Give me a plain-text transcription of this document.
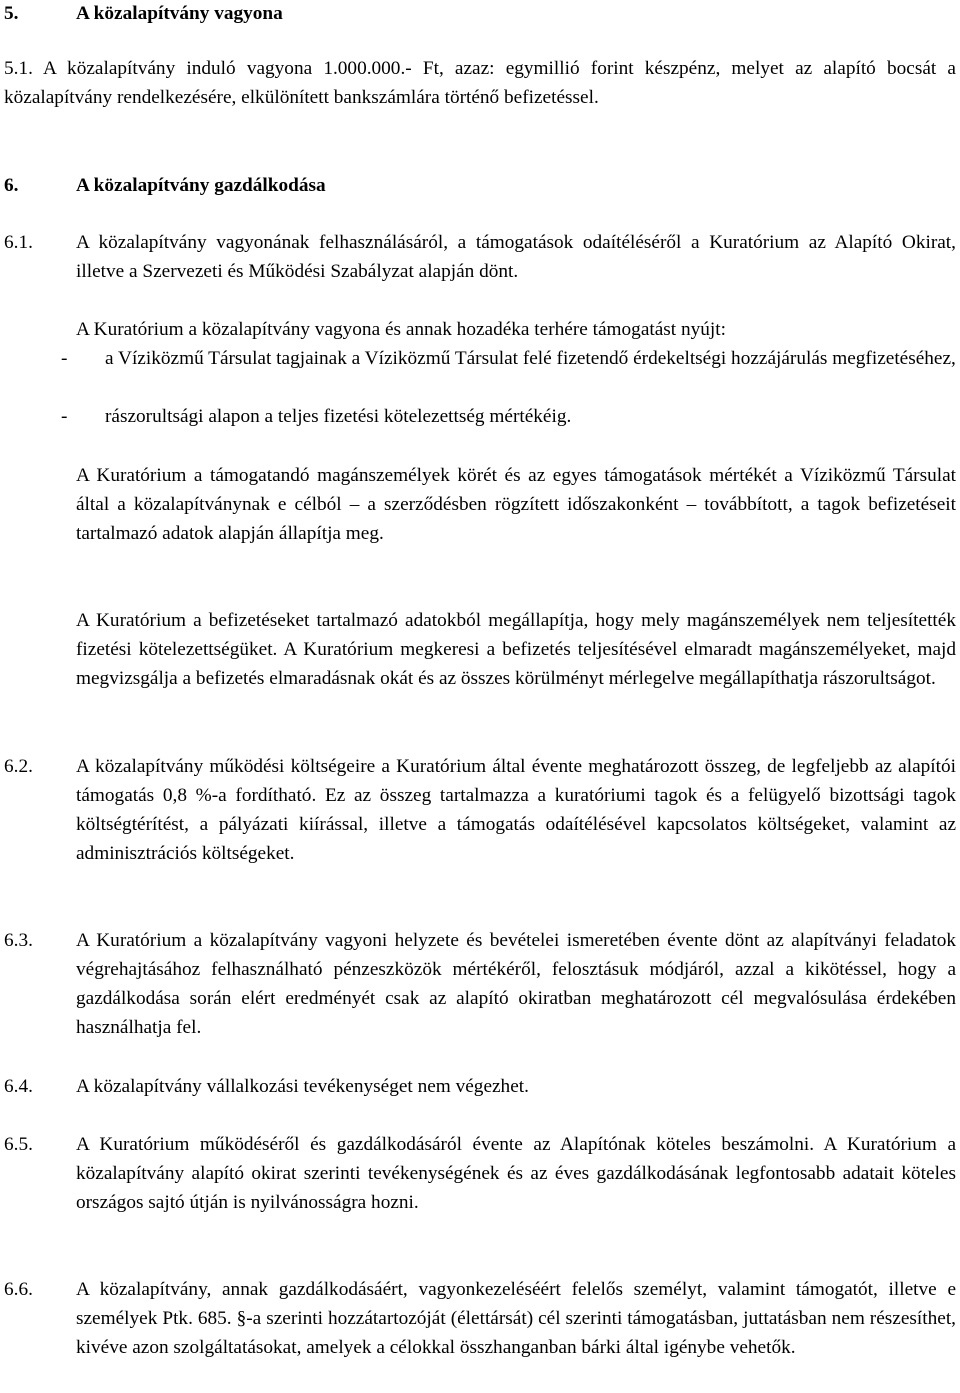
5.	A közalapítvány vagyona

5.1. A közalapítvány induló vagyona 1.000.000.- Ft, azaz: egymillió forint készpénz, melyet az alapító bocsát a közalapítvány rendelkezésére, elkülönített bankszámlára történő befizetéssel.

6.	A közalapítvány gazdálkodása
6.1. A közalapítvány vagyonának felhasználásáról, a támogatások odaítéléséről a Kuratórium az Alapító Okirat, illetve a Szervezeti és Működési Szabályzat alapján dönt.

A Kuratórium a közalapítvány vagyona és annak hozadéka terhére támogatást nyújt:

- a Víziközmű Társulat tagjainak a Víziközmű Társulat felé fizetendő érdekeltségi hozzájárulás megfizetéséhez,

- rászorultsági alapon a teljes fizetési kötelezettség mértékéig.

A Kuratórium a támogatandó magánszemélyek körét és az egyes támogatások mértékét a Víziközmű Társulat által a közalapítványnak e célból – a szerződésben rögzített időszakonként – továbbított, a tagok befizetéseit tartalmazó adatok alapján állapítja meg.

A Kuratórium a befizetéseket tartalmazó adatokból megállapítja, hogy mely magánszemélyek nem teljesítették fizetési kötelezettségüket. A Kuratórium megkeresi a befizetés teljesítésével elmaradt magánszemélyeket, majd megvizsgálja a befizetés elmaradásnak okát és az összes körülményt mérlegelve megállapíthatja rászorultságot.

6.2. A közalapítvány működési költségeire a Kuratórium által évente meghatározott összeg, de legfeljebb az alapítói támogatás 0,8 %-a fordítható. Ez az összeg tartalmazza a kuratóriumi tagok és a felügyelő bizottsági tagok költségtérítést, a pályázati kiírással, illetve a támogatás odaítélésével kapcsolatos költségeket, valamint az adminisztrációs költségeket.

6.3. A Kuratórium a közalapítvány vagyoni helyzete és bevételei ismeretében évente dönt az alapítványi feladatok végrehajtásához felhasználható pénzeszközök mértékéről, felosztásuk módjáról, azzal a kikötéssel, hogy a gazdálkodása során elért eredményét csak az alapító okiratban meghatározott cél megvalósulása érdekében használhatja fel.

6.4. A közalapítvány vállalkozási tevékenységet nem végezhet.

6.5. A Kuratórium működéséről és gazdálkodásáról évente az Alapítónak köteles beszámolni. A Kuratórium a közalapítvány alapító okirat szerinti tevékenységének és az éves gazdálkodásának legfontosabb adatait köteles országos sajtó útján is nyilvánosságra hozni.

6.6. A közalapítvány, annak gazdálkodásáért, vagyonkezeléséért felelős személyt, valamint támogatót, illetve e személyek Ptk. 685. §-a szerinti hozzátartozóját (élettársát) cél szerinti támogatásban, juttatásban nem részesíthet, kivéve azon szolgáltatásokat, amelyek a célokkal összhanganban bárki által igénybe vehetők.
